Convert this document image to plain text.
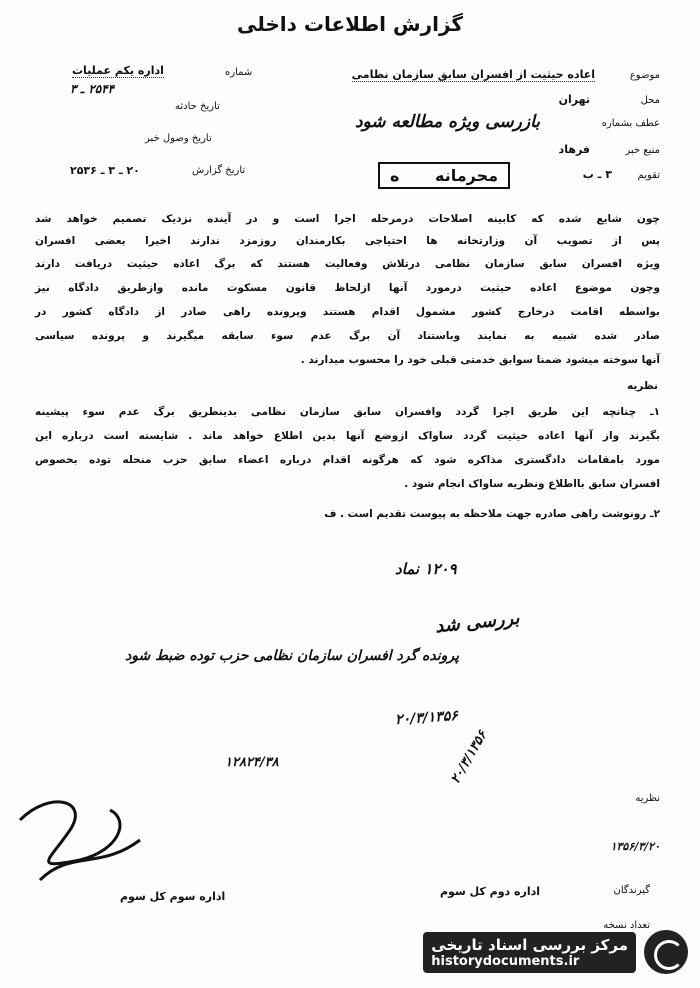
گزارش اطلاعات داخلی
شماره
اداره یکم عملیات
۲۵۴۴ ـ ۳
تاریخ حادثه
تاریخ وصول خبر
تاریخ گزارش
۲۰ ـ ۳ ـ ۲۵۳۶
موضوع
اعاده حیثیت از افسران سابق سازمان نظامی
محل
تهران
عطف بشماره
بازرسی ویژه مطالعه شود
منبع خبر
فرهاد
تقویم
۳ ـ ب
محرمانه ه
چون شایع شده که کابینه اصلاحات درمرحله اجرا است و در آینده نزدیک تصمیم خواهد شد
پس از تصویب آن وزارتخانه ها احتیاجی بکارمندان روزمزد ندارند اخیرا بعضی افسران
ویژه افسران سابق سازمان نظامی درتلاش وفعالیت هستند که برگ اعاده حیثیت دریافت دارند
وچون موضوع اعاده حیثیت درمورد آنها ازلحاظ قانون مسکوت مانده وازطریق دادگاه نیز
بواسطه اقامت درخارج کشور مشمول اقدام هستند وپرونده راهی صادر از دادگاه کشور در
صادر شده شبیه به نمایند وباستناد آن برگ عدم سوء سابقه میگیرند و پرونده سیاسی
آنها سوخته میشود ضمنا سوابق خدمتی قبلی خود را محسوب میدارند .
نظریه
۱ـ چنانچه این طریق اجرا گردد وافسران سابق سازمان نظامی بدینطریق برگ عدم سوء پیشینه
بگیرند واز آنها اعاده حیثیت گردد ساواک ازوضع آنها بدین اطلاع خواهد ماند . شایسته است درباره این
مورد بامقامات دادگستری مذاکره شود که هرگونه اقدام درباره اعضاء سابق حزب منحله توده بخصوص
افسران سابق بااطلاع ونظریه ساواک انجام شود .
۲ـ رونوشت راهی صادره جهت ملاحظه به پیوست تقدیم است . ف
۱۲۰۹ نماد
بررسی شد
پرونده گرد افسران سازمان نظامی حزب توده ضبط شود
۲۰/۳/۱۳۵۶
۱۲۸۲۴/۳۸	۲۰/۳/۱۳۵۶
نظریه
۱۳۵۶/۳/۲۰
گیرندگان
اداره دوم کل سوم
اداره سوم کل سوم
تعداد نسخه
مرکز بررسی اسناد تاریخی
historydocuments.ir
